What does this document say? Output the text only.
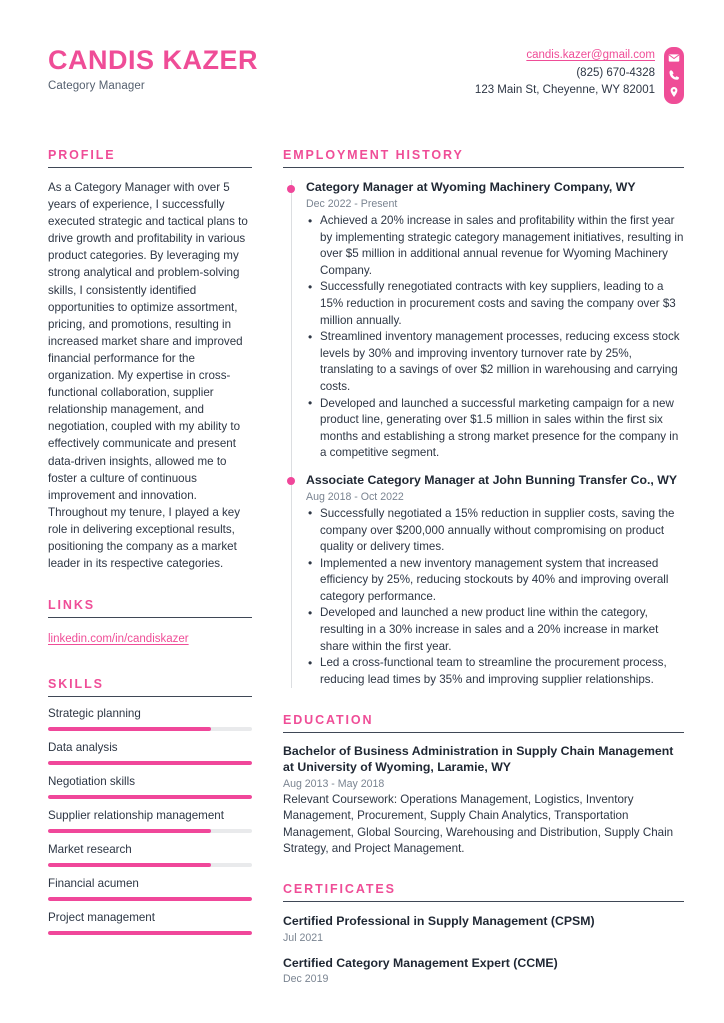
CANDIS KAZER
Category Manager
candis.kazer@gmail.com
(825) 670-4328
123 Main St, Cheyenne, WY 82001
PROFILE
As a Category Manager with over 5 years of experience, I successfully executed strategic and tactical plans to drive growth and profitability in various product categories. By leveraging my strong analytical and problem-solving skills, I consistently identified opportunities to optimize assortment, pricing, and promotions, resulting in increased market share and improved financial performance for the organization. My expertise in cross-functional collaboration, supplier relationship management, and negotiation, coupled with my ability to effectively communicate and present data-driven insights, allowed me to foster a culture of continuous improvement and innovation. Throughout my tenure, I played a key role in delivering exceptional results, positioning the company as a market leader in its respective categories.
LINKS
linkedin.com/in/candiskazer
SKILLS
Strategic planning
Data analysis
Negotiation skills
Supplier relationship management
Market research
Financial acumen
Project management
EMPLOYMENT HISTORY
Category Manager at Wyoming Machinery Company, WY
Dec 2022 - Present
• Achieved a 20% increase in sales and profitability within the first year by implementing strategic category management initiatives, resulting in over $5 million in additional annual revenue for Wyoming Machinery Company.
• Successfully renegotiated contracts with key suppliers, leading to a 15% reduction in procurement costs and saving the company over $3 million annually.
• Streamlined inventory management processes, reducing excess stock levels by 30% and improving inventory turnover rate by 25%, translating to a savings of over $2 million in warehousing and carrying costs.
• Developed and launched a successful marketing campaign for a new product line, generating over $1.5 million in sales within the first six months and establishing a strong market presence for the company in a competitive segment.
Associate Category Manager at John Bunning Transfer Co., WY
Aug 2018 - Oct 2022
• Successfully negotiated a 15% reduction in supplier costs, saving the company over $200,000 annually without compromising on product quality or delivery times.
• Implemented a new inventory management system that increased efficiency by 25%, reducing stockouts by 40% and improving overall category performance.
• Developed and launched a new product line within the category, resulting in a 30% increase in sales and a 20% increase in market share within the first year.
• Led a cross-functional team to streamline the procurement process, reducing lead times by 35% and improving supplier relationships.
EDUCATION
Bachelor of Business Administration in Supply Chain Management at University of Wyoming, Laramie, WY
Aug 2013 - May 2018
Relevant Coursework: Operations Management, Logistics, Inventory Management, Procurement, Supply Chain Analytics, Transportation Management, Global Sourcing, Warehousing and Distribution, Supply Chain Strategy, and Project Management.
CERTIFICATES
Certified Professional in Supply Management (CPSM)
Jul 2021
Certified Category Management Expert (CCME)
Dec 2019
